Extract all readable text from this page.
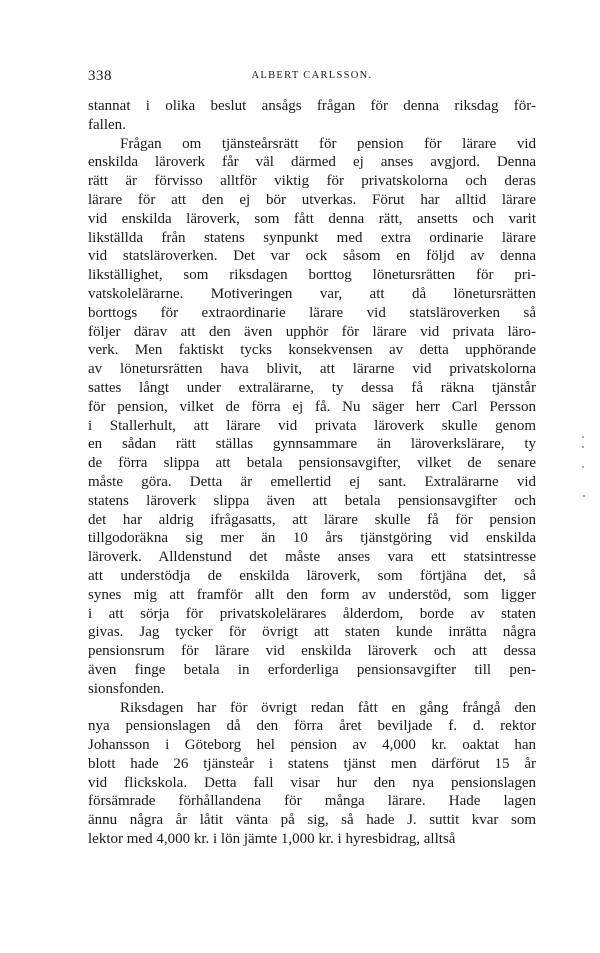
338	ALBERT CARLSSON.
stannat i olika beslut ansågs frågan för denna riksdag för-
fallen.
Frågan om tjänsteårsrätt för pension för lärare vid
enskilda läroverk får väl därmed ej anses avgjord. Denna
rätt är förvisso alltför viktig för privatskolorna och deras
lärare för att den ej bör utverkas. Förut har alltid lärare
vid enskilda läroverk, som fått denna rätt, ansetts och varit
likställda från statens synpunkt med extra ordinarie lärare
vid statsläroverken. Det var ock såsom en följd av denna
likställighet, som riksdagen borttog lönetursrätten för pri-
vatskolelärarne. Motiveringen var, att då lönetursrätten
borttogs för extraordinarie lärare vid statsläroverken så
följer därav att den även upphör för lärare vid privata läro-
verk. Men faktiskt tycks konsekvensen av detta upphörande
av lönetursrätten hava blivit, att lärarne vid privatskolorna
sattes långt under extralärarne, ty dessa få räkna tjänstår
för pension, vilket de förra ej få. Nu säger herr Carl Persson
i Stallerhult, att lärare vid privata läroverk skulle genom
en sådan rätt ställas gynnsammare än läroverkslärare, ty
de förra slippa att betala pensionsavgifter, vilket de senare
måste göra. Detta är emellertid ej sant. Extralärarne vid
statens läroverk slippa även att betala pensionsavgifter och
det har aldrig ifrågasatts, att lärare skulle få för pension
tillgodoräkna sig mer än 10 års tjänstgöring vid enskilda
läroverk. Alldenstund det måste anses vara ett statsintresse
att understödja de enskilda läroverk, som förtjäna det, så
synes mig att framför allt den form av understöd, som ligger
i att sörja för privatskolelärares ålderdom, borde av staten
givas. Jag tycker för övrigt att staten kunde inrätta några
pensionsrum för lärare vid enskilda läroverk och att dessa
även finge betala in erforderliga pensionsavgifter till pen-
sionsfonden.
Riksdagen har för övrigt redan fått en gång frångå den
nya pensionslagen då den förra året beviljade f. d. rektor
Johansson i Göteborg hel pension av 4,000 kr. oaktat han
blott hade 26 tjänsteår i statens tjänst men därförut 15 år
vid flickskola. Detta fall visar hur den nya pensionslagen
försämrade förhållandena för många lärare. Hade lagen
ännu några år låtit vänta på sig, så hade J. suttit kvar som
lektor med 4,000 kr. i lön jämte 1,000 kr. i hyresbidrag, alltså
